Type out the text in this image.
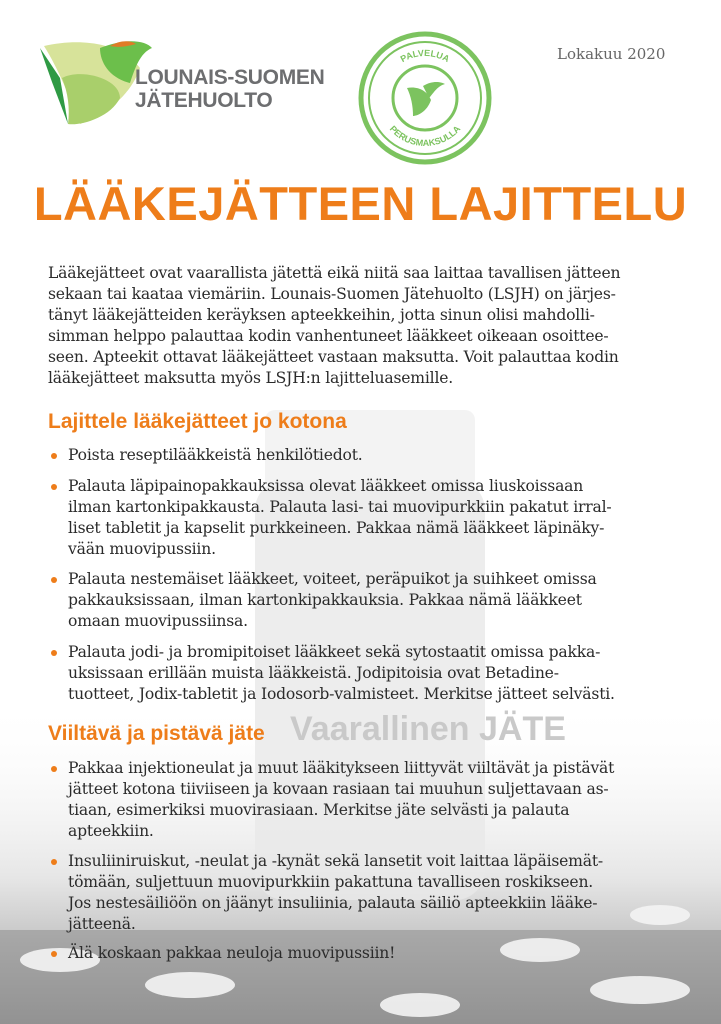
Vaarallinen JÄTE
LOUNAIS-SUOMEN
JÄTEHUOLTO
PALVELUA
PERUSMAKSULLA
Lokakuu 2020
LÄÄKEJÄTTEEN LAJITTELU
Lääkejätteet ovat vaarallista jätettä eikä niitä saa laittaa tavallisen jätteen
sekaan tai kaataa viemäriin. Lounais-Suomen Jätehuolto (LSJH) on järjes-
tänyt lääkejätteiden keräyksen apteekkeihin, jotta sinun olisi mahdolli-
simman helppo palauttaa kodin vanhentuneet lääkkeet oikeaan osoittee-
seen. Apteekit ottavat lääkejätteet vastaan maksutta. Voit palauttaa kodin
lääkejätteet maksutta myös LSJH:n lajitteluasemille.
Lajittele lääkejätteet jo kotona
Poista reseptilääkkeistä henkilötiedot.
Palauta läpipainopakkauksissa olevat lääkkeet omissa liuskoissaan
ilman kartonkipakkausta. Palauta lasi- tai muovipurkkiin pakatut irral-
liset tabletit ja kapselit purkkeineen. Pakkaa nämä lääkkeet läpinäky-
vään muovipussiin.
Palauta nestemäiset lääkkeet, voiteet, peräpuikot ja suihkeet omissa
pakkauksissaan, ilman kartonkipakkauksia. Pakkaa nämä lääkkeet
omaan muovipussiinsa.
Palauta jodi- ja bromipitoiset lääkkeet sekä sytostaatit omissa pakka-
uksissaan erillään muista lääkkeistä. Jodipitoisia ovat Betadine-
tuotteet, Jodix-tabletit ja Iodosorb-valmisteet. Merkitse jätteet selvästi.
Viiltävä ja pistävä jäte
Pakkaa injektioneulat ja muut lääkitykseen liittyvät viiltävät ja pistävät
jätteet kotona tiiviiseen ja kovaan rasiaan tai muuhun suljettavaan as-
tiaan, esimerkiksi muovirasiaan. Merkitse jäte selvästi ja palauta
apteekkiin.
Insuliiniruiskut, -neulat ja -kynät sekä lansetit voit laittaa läpäisemät-
tömään, suljettuun muovipurkkiin pakattuna tavalliseen roskikseen.
Jos nestesäiliöön on jäänyt insuliinia, palauta säiliö apteekkiin lääke-
jätteenä.
Älä koskaan pakkaa neuloja muovipussiin!
